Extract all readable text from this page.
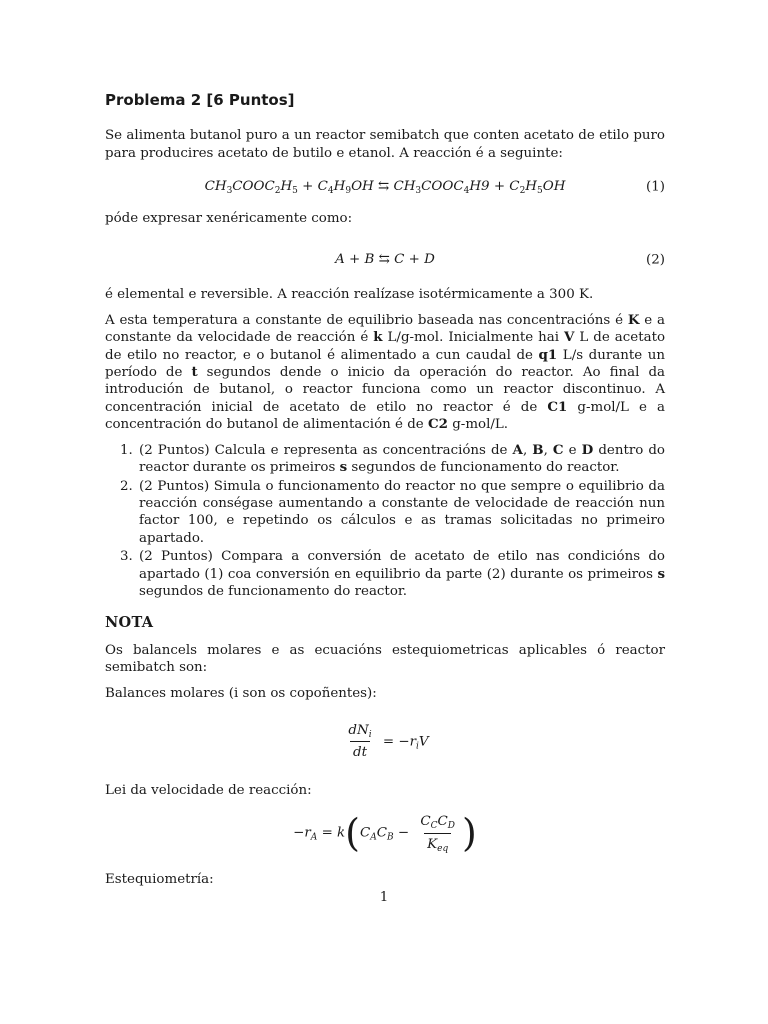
Problema 2 [6 Puntos]

Se alimenta butanol puro a un reactor semibatch que conten acetato de etilo puro para producires acetato de butilo e etanol. A reacción é a seguinte:

$CH_3COOC_2H_5 + C_4H_9OH$ ⇆ $CH_3COOC_4H9 + C_2H_5OH$	(1)

póde expresar xenéricamente como:

A + B ⇆ C + D	(2)

é elemental e reversible. A reacción realízase isotérmicamente a 300 K.

A esta temperatura a constante de equilibrio baseada nas concentracións é K e a constante da velocidade de reacción é k L/g-mol. Inicialmente hai V L de acetato de etilo no reactor, e o butanol é alimentado a cun caudal de q1 L/s durante un período de t segundos dende o inicio da operación do reactor. Ao final da introdución de butanol, o reactor funciona como un reactor discontinuo. A concentración inicial de acetato de etilo no reactor é de C1 g-mol/L e a concentración do butanol de alimentación é de C2 g-mol/L.

1. (2 Puntos) Calcula e representa as concentracións de A, B, C e D dentro do reactor durante os primeiros s segundos de funcionamento do reactor.
2. (2 Puntos) Simula o funcionamento do reactor no que sempre o equilibrio da reacción conségase aumentando a constante de velocidade de reacción nun factor 100, e repetindo os cálculos e as tramas solicitadas no primeiro apartado.
3. (2 Puntos) Compara a conversión de acetato de etilo nas condicións do apartado (1) coa conversión en equilibrio da parte (2) durante os primeiros s segundos de funcionamento do reactor.
NOTA

Os balancels molares e as ecuacións estequiometricas aplicables ó reactor semibatch son:

Balances molares (i son os copoñentes):

$\frac{dN_i}{dt} = -r_iV$

Lei da velocidade de reacción:

$-r_A = k(C_AC_B - \frac{C_CC_D}{K_{eq}}$ )

Estequiometría:

1
